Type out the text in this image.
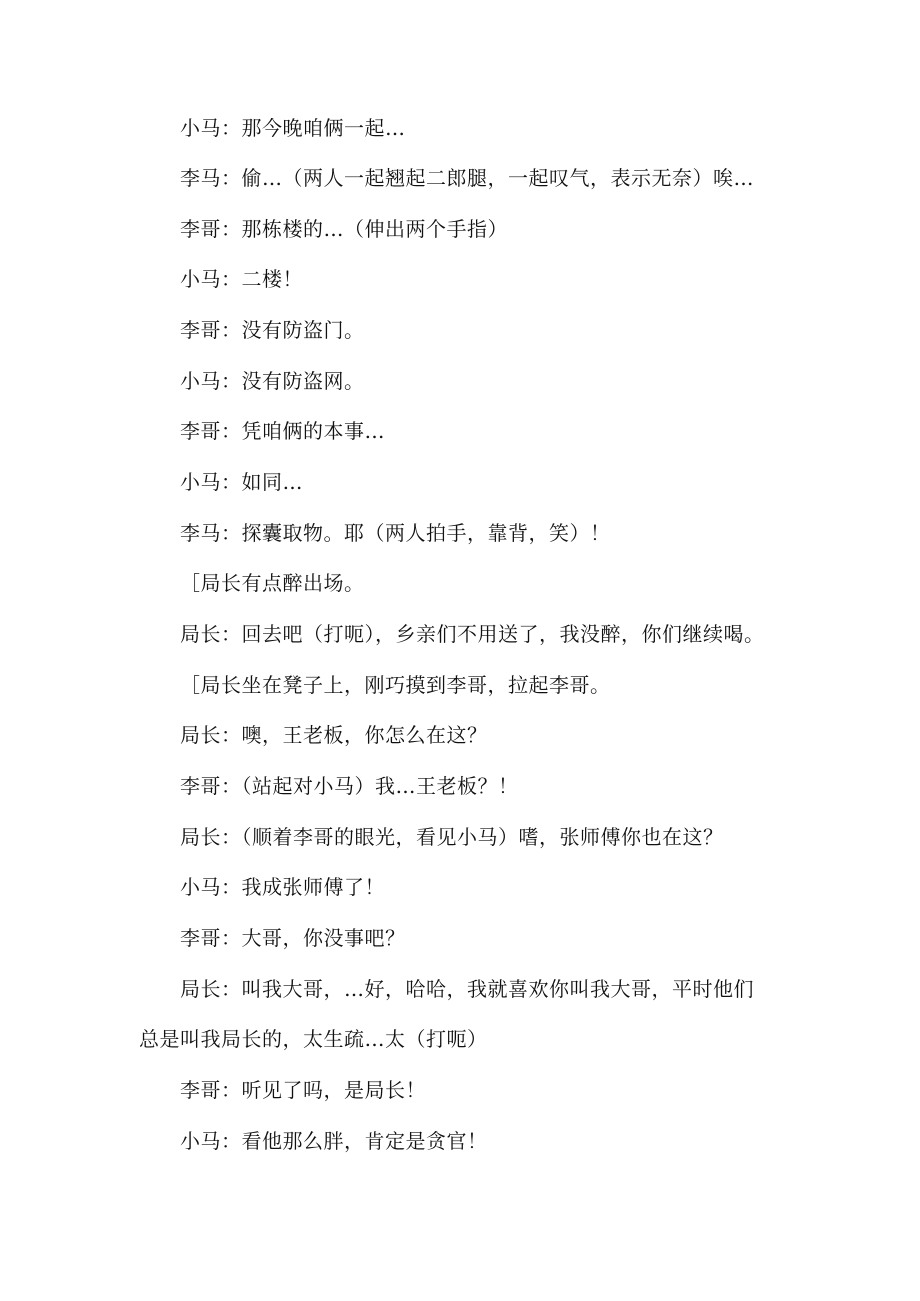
小马：那今晚咱俩一起…
李马：偷…（两人一起翘起二郎腿，一起叹气，表示无奈）唉…
李哥：那栋楼的…（伸出两个手指）
小马：二楼！
李哥：没有防盗门。
小马：没有防盗网。
李哥：凭咱俩的本事…
小马：如同…
李马：探囊取物。耶（两人拍手，靠背，笑）！
［局长有点醉出场。
局长：回去吧（打呃），乡亲们不用送了，我没醉，你们继续喝。
［局长坐在凳子上，刚巧摸到李哥，拉起李哥。
局长：噢，王老板，你怎么在这？
李哥：（站起对小马）我…王老板？！
局长：（顺着李哥的眼光，看见小马）嗜，张师傅你也在这？
小马：我成张师傅了！
李哥：大哥，你没事吧？
局长：叫我大哥，…好，哈哈，我就喜欢你叫我大哥，平时他们
总是叫我局长的，太生疏…太（打呃）
李哥：听见了吗，是局长！
小马：看他那么胖，肯定是贪官！
